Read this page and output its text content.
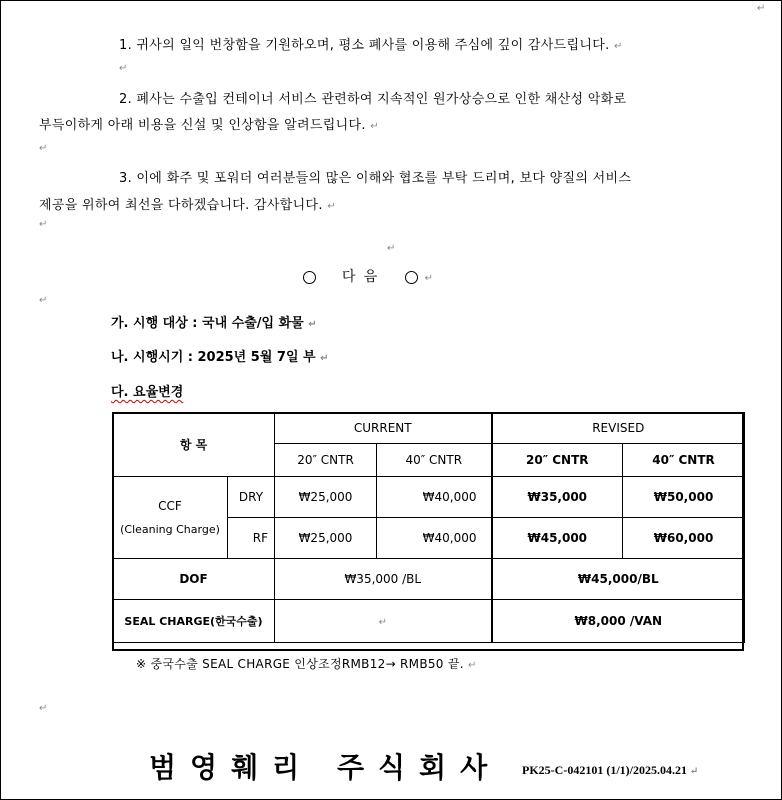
1. 귀사의 일익 번창함을 기원하오며, 평소 폐사를 이용해 주심에 깊이 감사드립니다. ↵
↵
2. 폐사는 수출입 컨테이너 서비스 관련하여 지속적인 원가상승으로 인한 채산성 악화로
부득이하게 아래 비용을 신설 및 인상함을 알려드립니다. ↵
↵
3. 이에 화주 및 포워더 여러분들의 많은 이해와 협조를 부탁 드리며, 보다 양질의 서비스
제공을 위하여 최선을 다하겠습니다. 감사합니다. ↵
↵
↵
다 음	↵
↵
가. 시행 대상 : 국내 수출/입 화물 ↵
나. 시행시기 : 2025년 5월 7일 부 ↵
다. 요율변경
항 목		CURRENT		REVISED	
		20″ CNTR	40″ CNTR	20″ CNTR	40″ CNTR

CCF
(Cleaning Charge)	DRY	₩25,000	₩40,000	₩35,000	₩50,000
	RF	₩25,000	₩40,000	₩45,000	₩60,000
DOF		₩35,000 /BL		₩45,000/BL	
SEAL CHARGE(한국수출)		↵		₩8,000 /VAN	
※ 중국수출 SEAL CHARGE 인상조정RMB12→ RMB50 끝. ↵
↵
범영훼리 주식회사 PK25-C-042101 (1/1)/2025.04.21 ↵
↵
